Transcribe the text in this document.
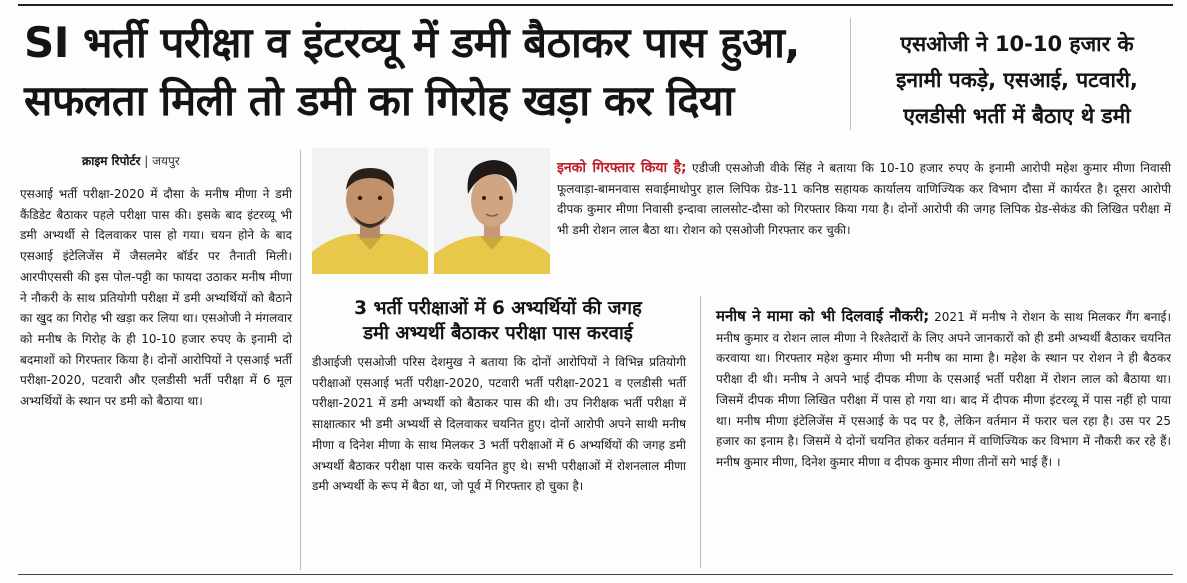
SI भर्ती परीक्षा व इंटरव्यू में डमी बैठाकर पास हुआ,
सफलता मिली तो डमी का गिरोह खड़ा कर दिया
एसओजी ने 10-10 हजार के
इनामी पकड़े, एसआई, पटवारी,
एलडीसी भर्ती में बैठाए थे डमी
क्राइम रिपोर्टर | जयपुर
एसआई भर्ती परीक्षा-2020 में दौसा के मनीष मीणा ने डमी कैंडिडेट बैठाकर पहले परीक्षा पास की। इसके बाद इंटरव्यू भी डमी अभ्यर्थी से दिलवाकर पास हो गया। चयन होने के बाद एसआई इंटेलिजेंस में जैसलमेर बॉर्डर पर तैनाती मिली। आरपीएससी की इस पोल-पट्टी का फायदा उठाकर मनीष मीणा ने नौकरी के साथ प्रतियोगी परीक्षा में डमी अभ्यर्थियों को बैठाने का खुद का गिरोह भी खड़ा कर लिया था। एसओजी ने मंगलवार को मनीष के गिरोह के ही 10-10 हजार रुपए के इनामी दो बदमाशों को गिरफ्तार किया है। दोनों आरोपियों ने एसआई भर्ती परीक्षा-2020, पटवारी और एलडीसी भर्ती परीक्षा में 6 मूल अभ्यर्थियों के स्थान पर डमी को बैठाया था।
इनको गिरफ्तार किया है; एडीजी एसओजी वीके सिंह ने बताया कि 10-10 हजार रुपए के इनामी आरोपी महेश कुमार मीणा निवासी फूलवाड़ा-बामनवास सवाईमाधोपुर हाल लिपिक ग्रेड-11 कनिष्ठ सहायक कार्यालय वाणिज्यिक कर विभाग दौसा में कार्यरत है। दूसरा आरोपी दीपक कुमार मीणा निवासी इन्दावा लालसोट-दौसा को गिरफ्तार किया गया है। दोनों आरोपी की जगह लिपिक ग्रेड-सेकंड की लिखित परीक्षा में भी डमी रोशन लाल बैठा था। रोशन को एसओजी गिरफ्तार कर चुकी।
3 भर्ती परीक्षाओं में 6 अभ्यर्थियों की जगह
डमी अभ्यर्थी बैठाकर परीक्षा पास करवाई
डीआईजी एसओजी परिस देशमुख ने बताया कि दोनों आरोपियों ने विभिन्न प्रतियोगी परीक्षाओं एसआई भर्ती परीक्षा-2020, पटवारी भर्ती परीक्षा-2021 व एलडीसी भर्ती परीक्षा-2021 में डमी अभ्यर्थी को बैठाकर पास की थी। उप निरीक्षक भर्ती परीक्षा में साक्षात्कार भी डमी अभ्यर्थी से दिलवाकर चयनित हुए। दोनों आरोपी अपने साथी मनीष मीणा व दिनेश मीणा के साथ मिलकर 3 भर्ती परीक्षाओं में 6 अभ्यर्थियों की जगह डमी अभ्यर्थी बैठाकर परीक्षा पास करके चयनित हुए थे। सभी परीक्षाओं में रोशनलाल मीणा डमी अभ्यर्थी के रूप में बैठा था, जो पूर्व में गिरफ्तार हो चुका है।
मनीष ने मामा को भी दिलवाई नौकरी; 2021 में मनीष ने रोशन के साथ मिलकर गैंग बनाई। मनीष कुमार व रोशन लाल मीणा ने रिश्तेदारों के लिए अपने जानकारों को ही डमी अभ्यर्थी बैठाकर चयनित करवाया था। गिरफ्तार महेश कुमार मीणा भी मनीष का मामा है। महेश के स्थान पर रोशन ने ही बैठकर परीक्षा दी थी। मनीष ने अपने भाई दीपक मीणा के एसआई भर्ती परीक्षा में रोशन लाल को बैठाया था। जिसमें दीपक मीणा लिखित परीक्षा में पास हो गया था। बाद में दीपक मीणा इंटरव्यू में पास नहीं हो पाया था। मनीष मीणा इंटेलिजेंस में एसआई के पद पर है, लेकिन वर्तमान में फरार चल रहा है। उस पर 25 हजार का इनाम है। जिसमें ये दोनों चयनित होकर वर्तमान में वाणिज्यिक कर विभाग में नौकरी कर रहे हैं। मनीष कुमार मीणा, दिनेश कुमार मीणा व दीपक कुमार मीणा तीनों सगे भाई हैं। ।
